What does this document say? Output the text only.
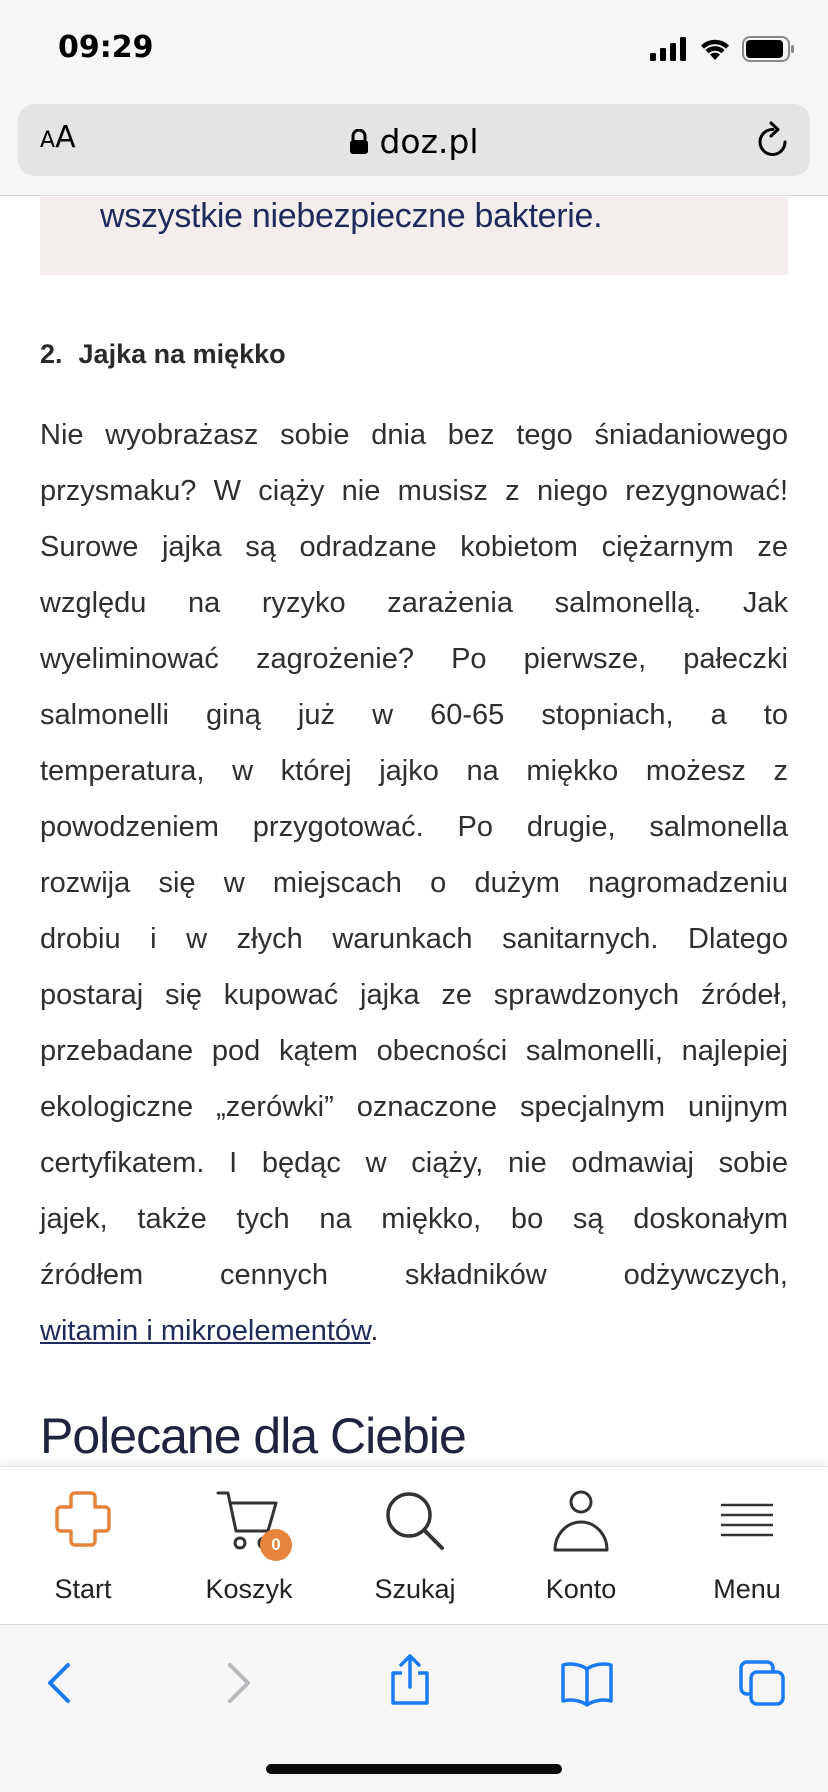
09:29
AA	doz.pl
wszystkie niebezpieczne bakterie.
2. Jajka na miękko
Nie wyobrażasz sobie dnia bez tego śniadaniowego
przysmaku? W ciąży nie musisz z niego rezygnować!
Surowe jajka są odradzane kobietom ciężarnym ze
względu na ryzyko zarażenia salmonellą. Jak
wyeliminować zagrożenie? Po pierwsze, pałeczki
salmonelli giną już w 60-65 stopniach, a to
temperatura, w której jajko na miękko możesz z
powodzeniem przygotować. Po drugie, salmonella
rozwija się w miejscach o dużym nagromadzeniu
drobiu i w złych warunkach sanitarnych. Dlatego
postaraj się kupować jajka ze sprawdzonych źródeł,
przebadane pod kątem obecności salmonelli, najlepiej
ekologiczne „zerówki” oznaczone specjalnym unijnym
certyfikatem. I będąc w ciąży, nie odmawiaj sobie
jajek, także tych na miękko, bo są doskonałym
źródłem cennych składników odżywczych,
witamin i mikroelementów.
Polecane dla Ciebie
Start
0
Koszyk	Szukaj	Konto	Menu
